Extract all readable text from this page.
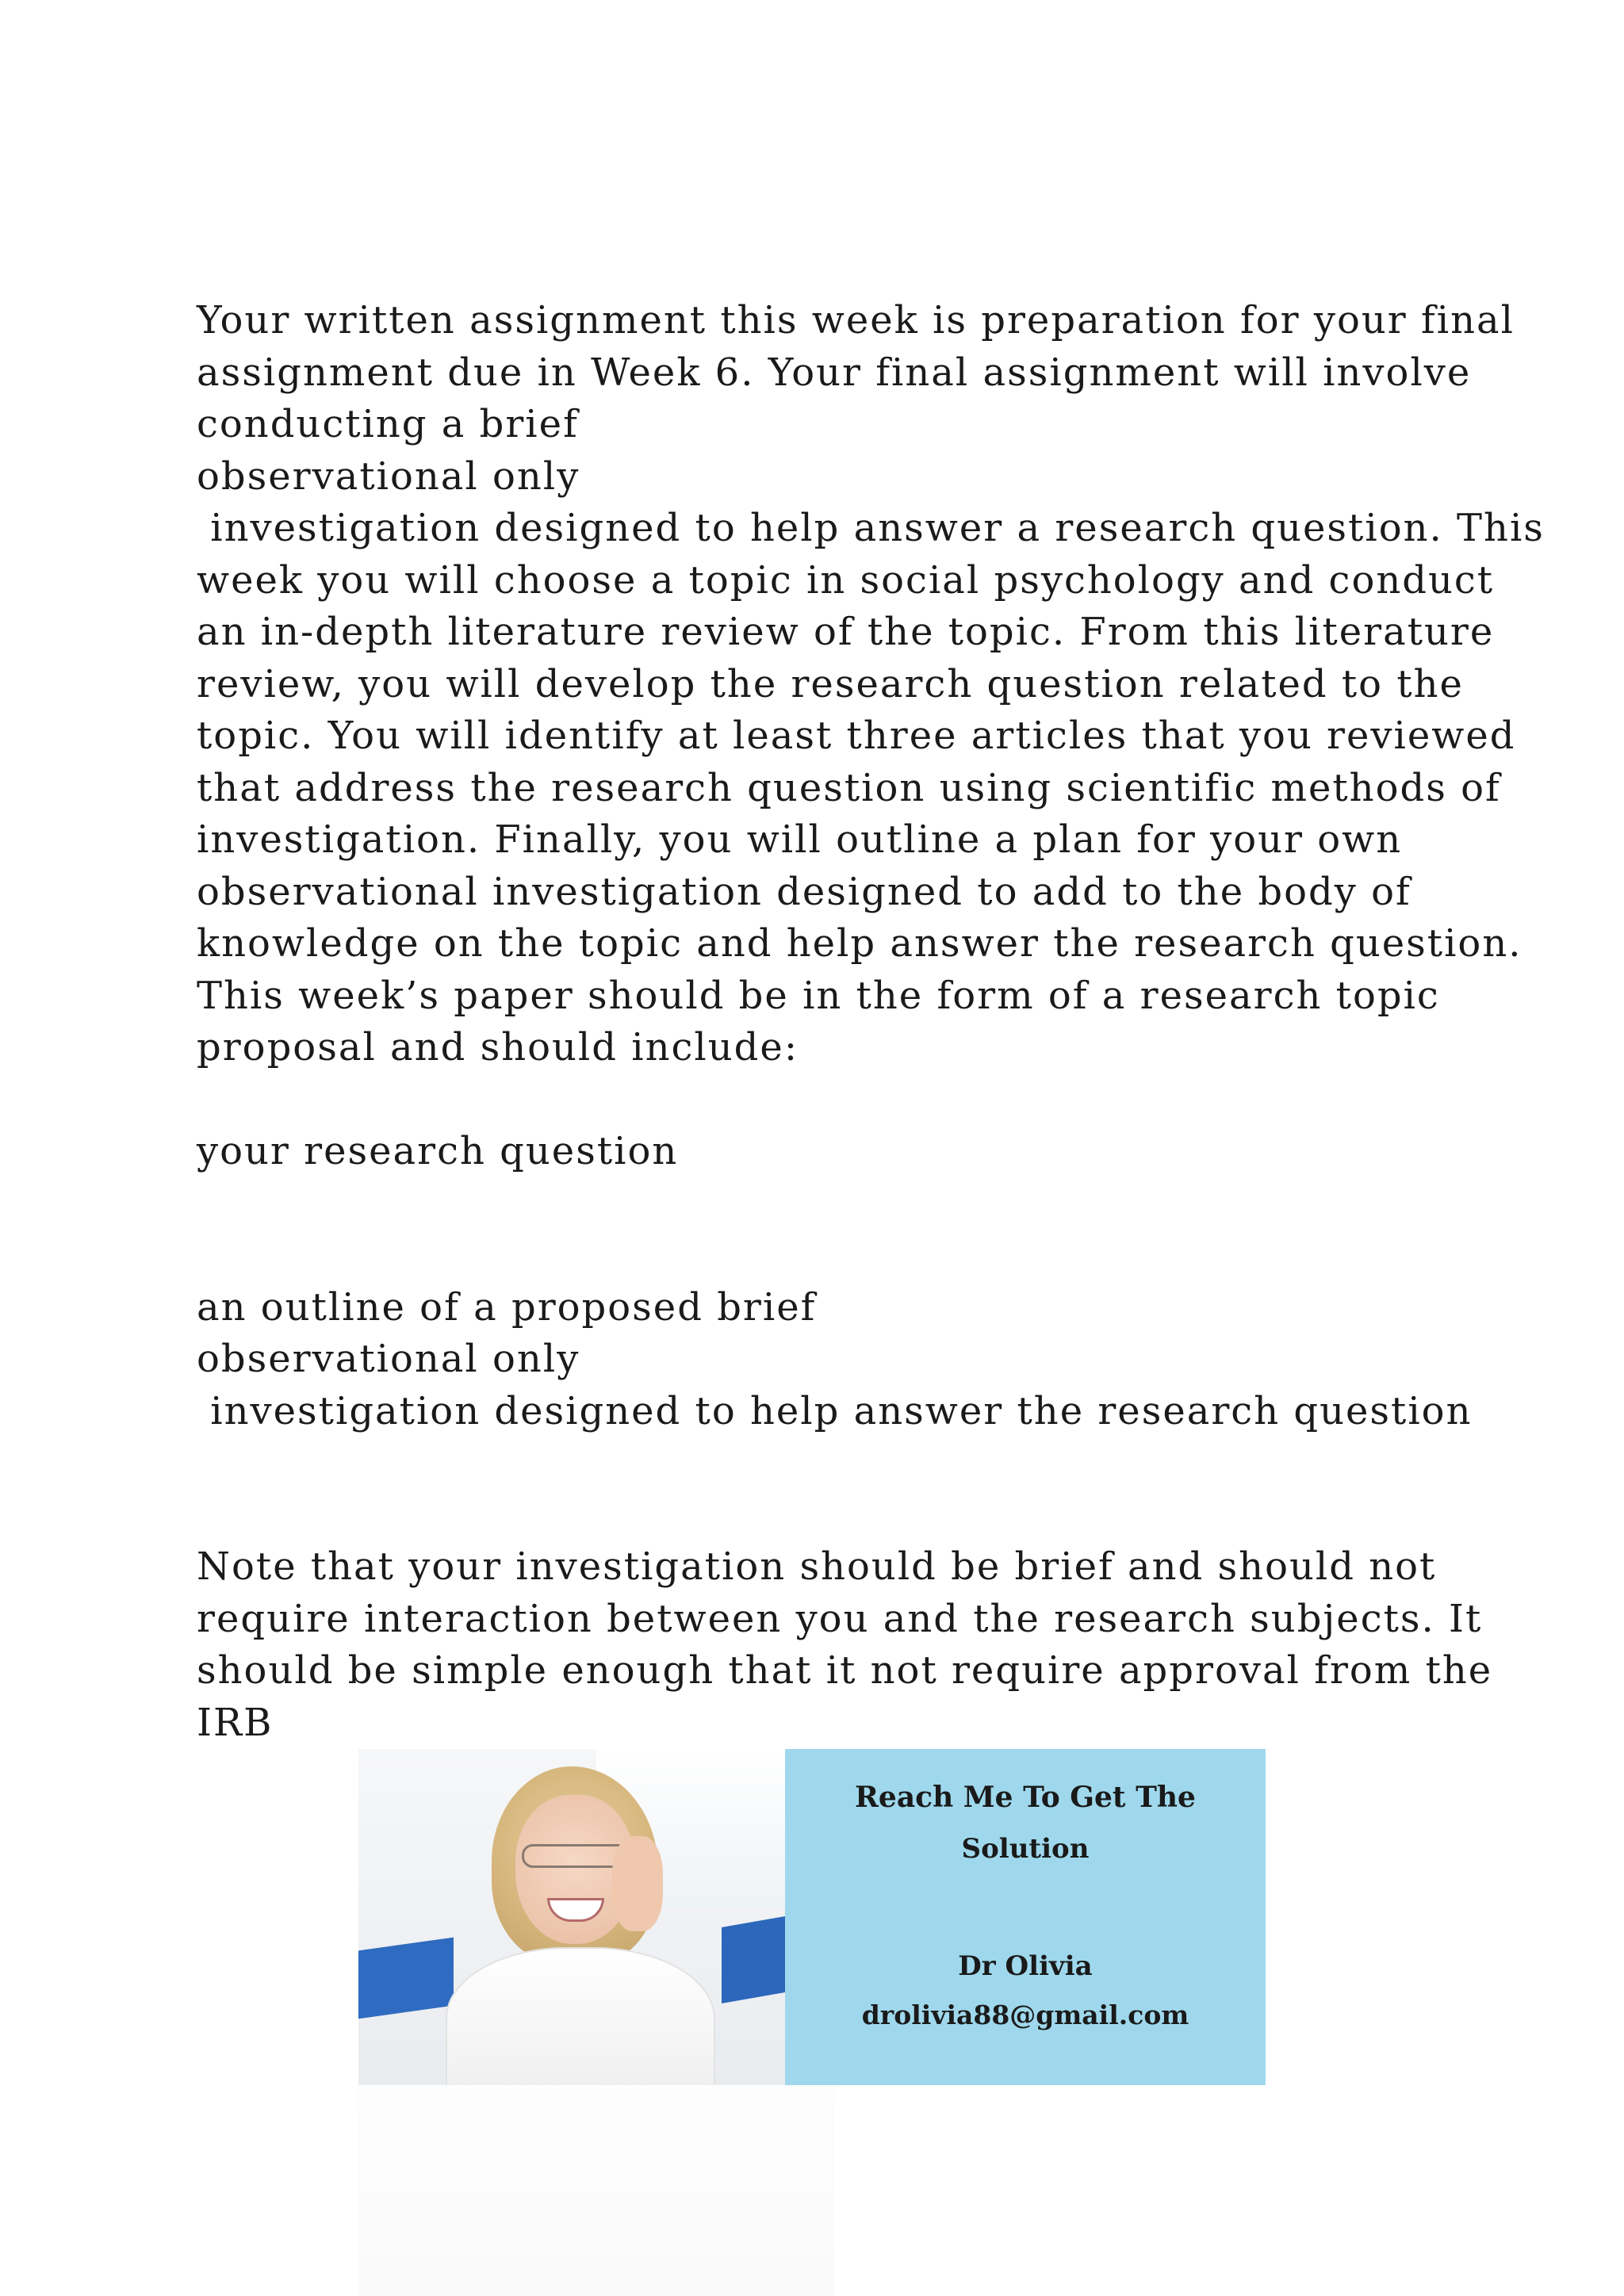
Your written assignment this week is preparation for your final
assignment due in Week 6. Your final assignment will involve
conducting a brief
observational only
investigation designed to help answer a research question. This
week you will choose a topic in social psychology and conduct
an in-depth literature review of the topic. From this literature
review, you will develop the research question related to the
topic. You will identify at least three articles that you reviewed
that address the research question using scientific methods of
investigation. Finally, you will outline a plan for your own
observational investigation designed to add to the body of
knowledge on the topic and help answer the research question.
This week’s paper should be in the form of a research topic
proposal and should include:
your research question
an outline of a proposed brief
observational only
investigation designed to help answer the research question
Note that your investigation should be brief and should not
require interaction between you and the research subjects. It
should be simple enough that it not require approval from the
IRB
Reach Me To Get The
Solution
Dr Olivia
drolivia88@gmail.com
